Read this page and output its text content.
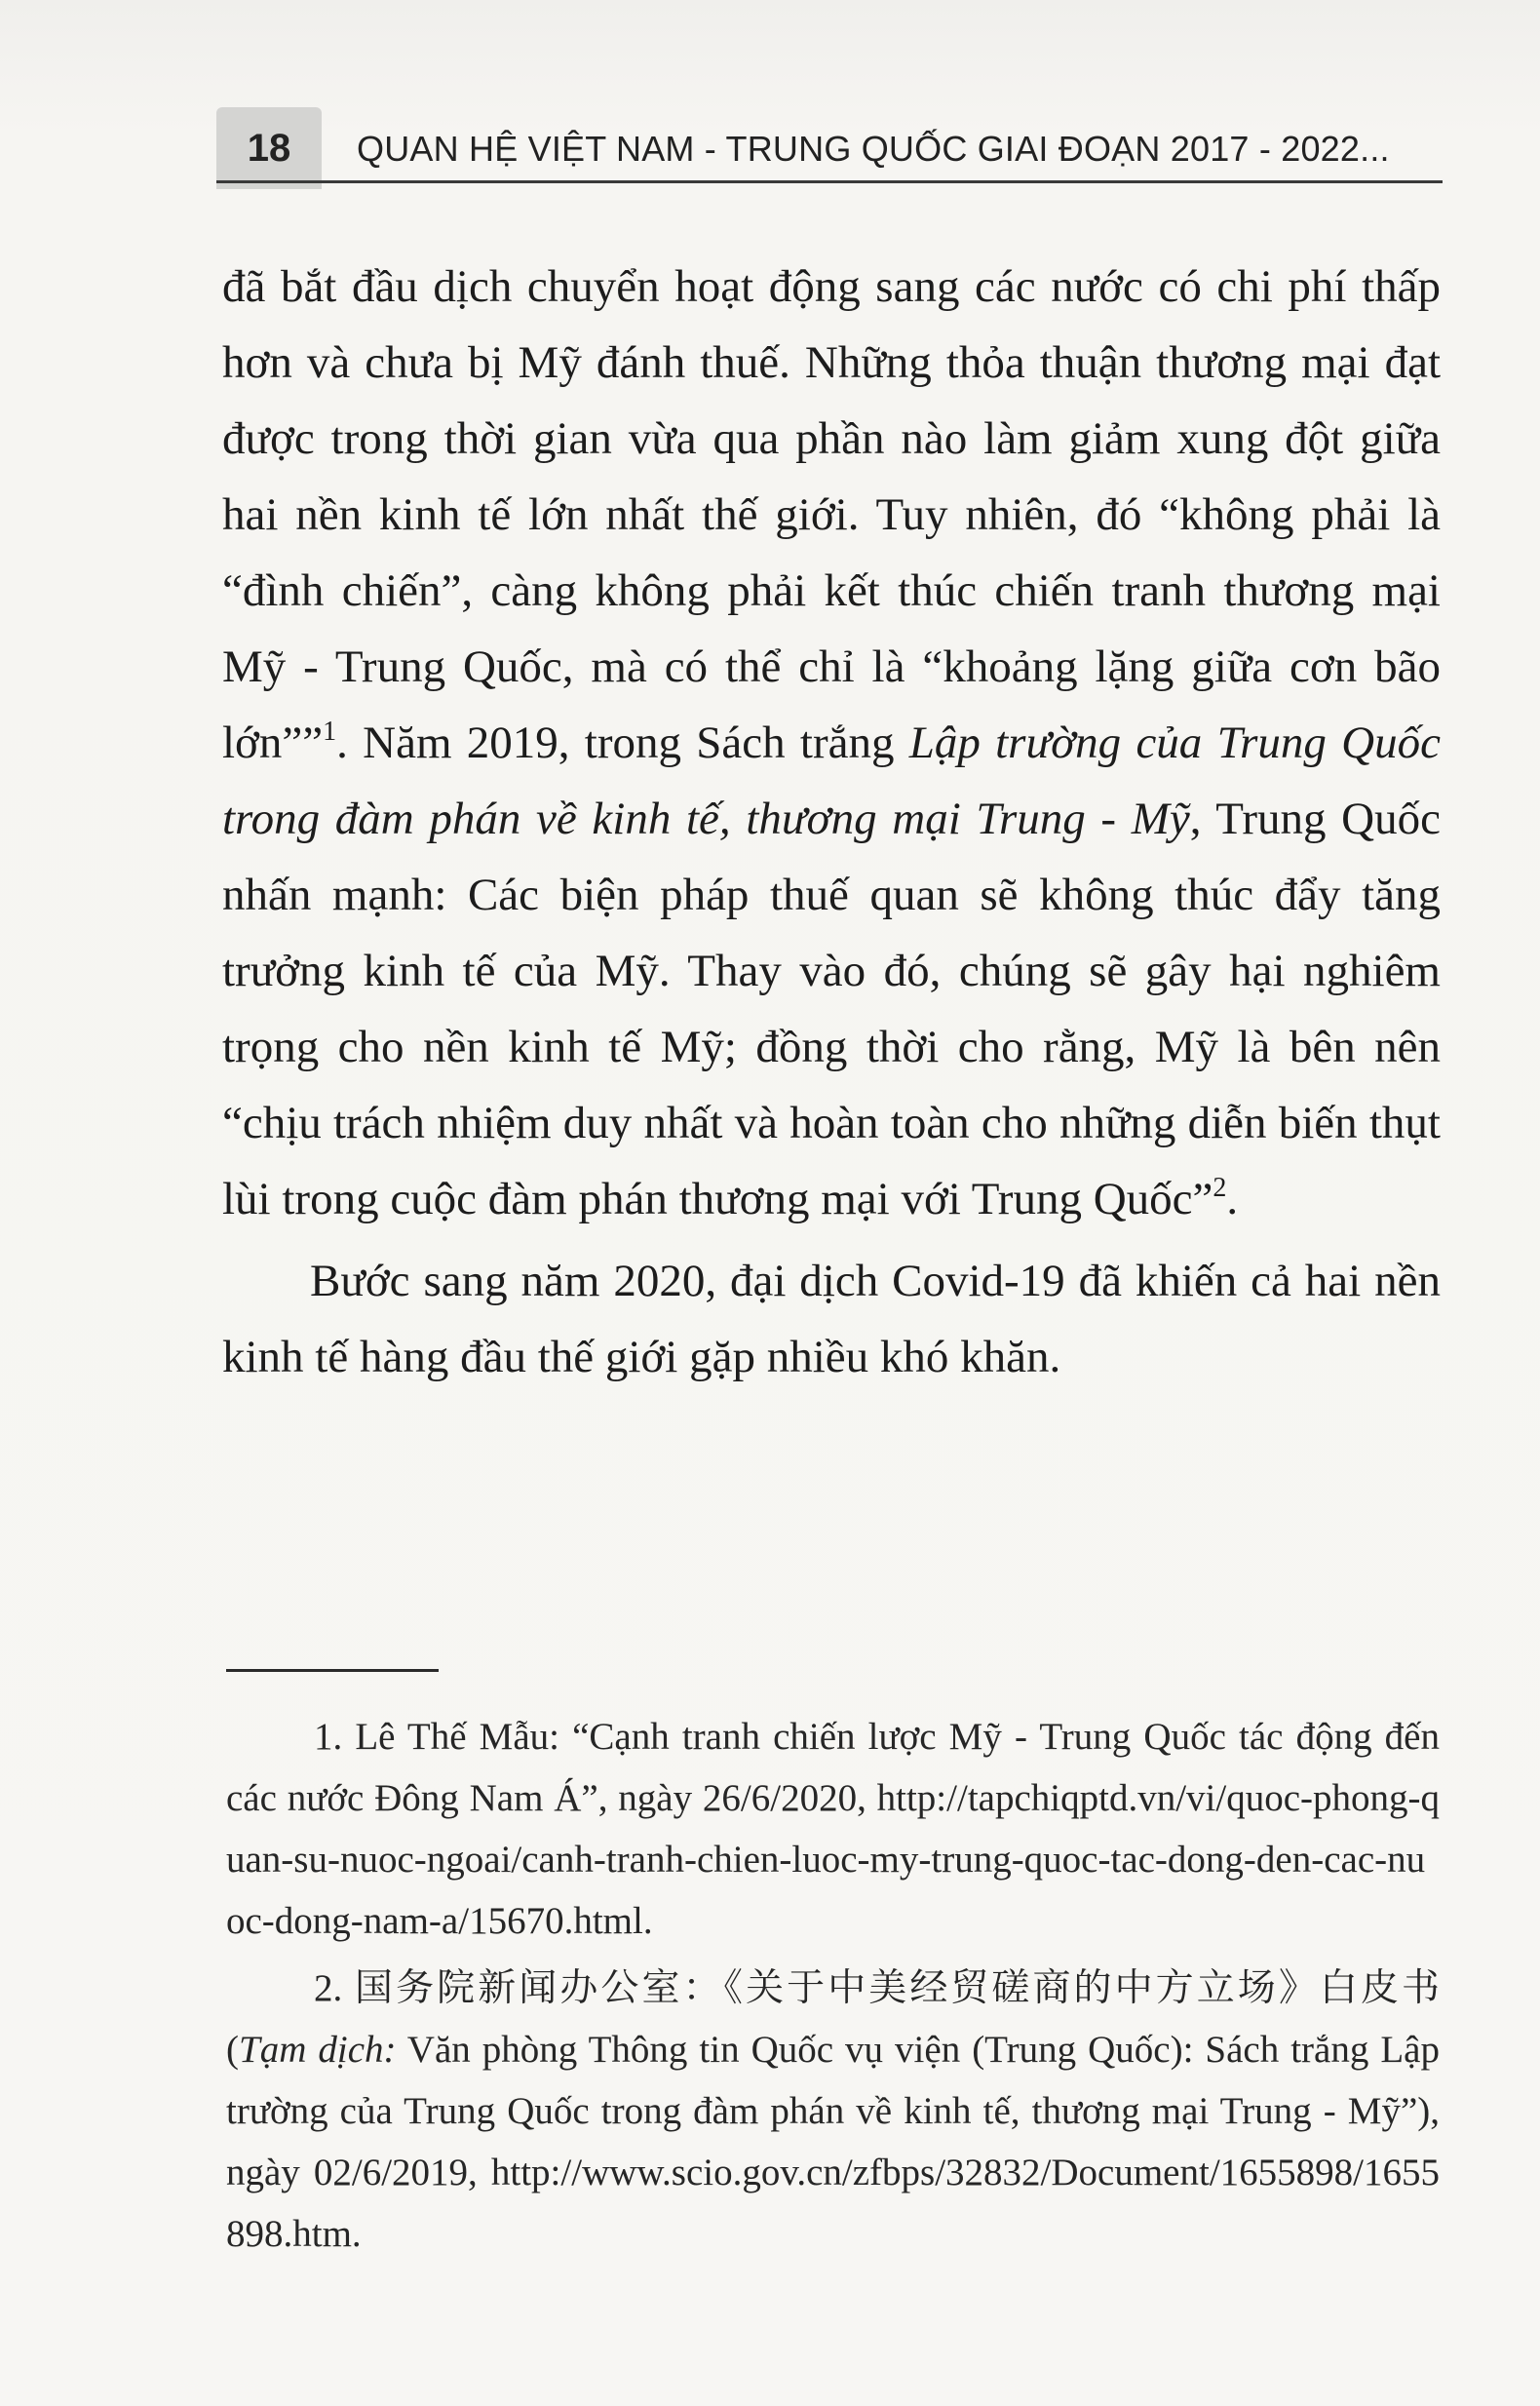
18	QUAN HỆ VIỆT NAM - TRUNG QUỐC GIAI ĐOẠN 2017 - 2022...

đã bắt đầu dịch chuyển hoạt động sang các nước có chi phí thấp hơn và chưa bị Mỹ đánh thuế. Những thỏa thuận thương mại đạt được trong thời gian vừa qua phần nào làm giảm xung đột giữa hai nền kinh tế lớn nhất thế giới. Tuy nhiên, đó “không phải là “đình chiến”, càng không phải kết thúc chiến tranh thương mại Mỹ - Trung Quốc, mà có thể chỉ là “khoảng lặng giữa cơn bão lớn””$^1$. Năm 2019, trong Sách trắng Lập trường của Trung Quốc trong đàm phán về kinh tế, thương mại Trung - Mỹ, Trung Quốc nhấn mạnh: Các biện pháp thuế quan sẽ không thúc đẩy tăng trưởng kinh tế của Mỹ. Thay vào đó, chúng sẽ gây hại nghiêm trọng cho nền kinh tế Mỹ; đồng thời cho rằng, Mỹ là bên nên “chịu trách nhiệm duy nhất và hoàn toàn cho những diễn biến thụt lùi trong cuộc đàm phán thương mại với Trung Quốc”$^2$.

Bước sang năm 2020, đại dịch Covid-19 đã khiến cả hai nền kinh tế hàng đầu thế giới gặp nhiều khó khăn.

1. Lê Thế Mẫu: “Cạnh tranh chiến lược Mỹ - Trung Quốc tác động đến các nước Đông Nam Á”, ngày 26/6/2020, http://tapchiqptd.vn/vi/quoc-phong-quan-su-nuoc-ngoai/canh-tranh-chien-luoc-my-trung-quoc-tac-dong-den-cac-nuoc-dong-nam-a/15670.html.

2. 国务院新闻办公室：《关于中美经贸磋商的中方立场》白皮书 (Tạm dịch: Văn phòng Thông tin Quốc vụ viện (Trung Quốc): Sách trắng Lập trường của Trung Quốc trong đàm phán về kinh tế, thương mại Trung - Mỹ”), ngày 02/6/2019, http://www.scio.gov.cn/zfbps/32832/Document/1655898/1655898.htm.
